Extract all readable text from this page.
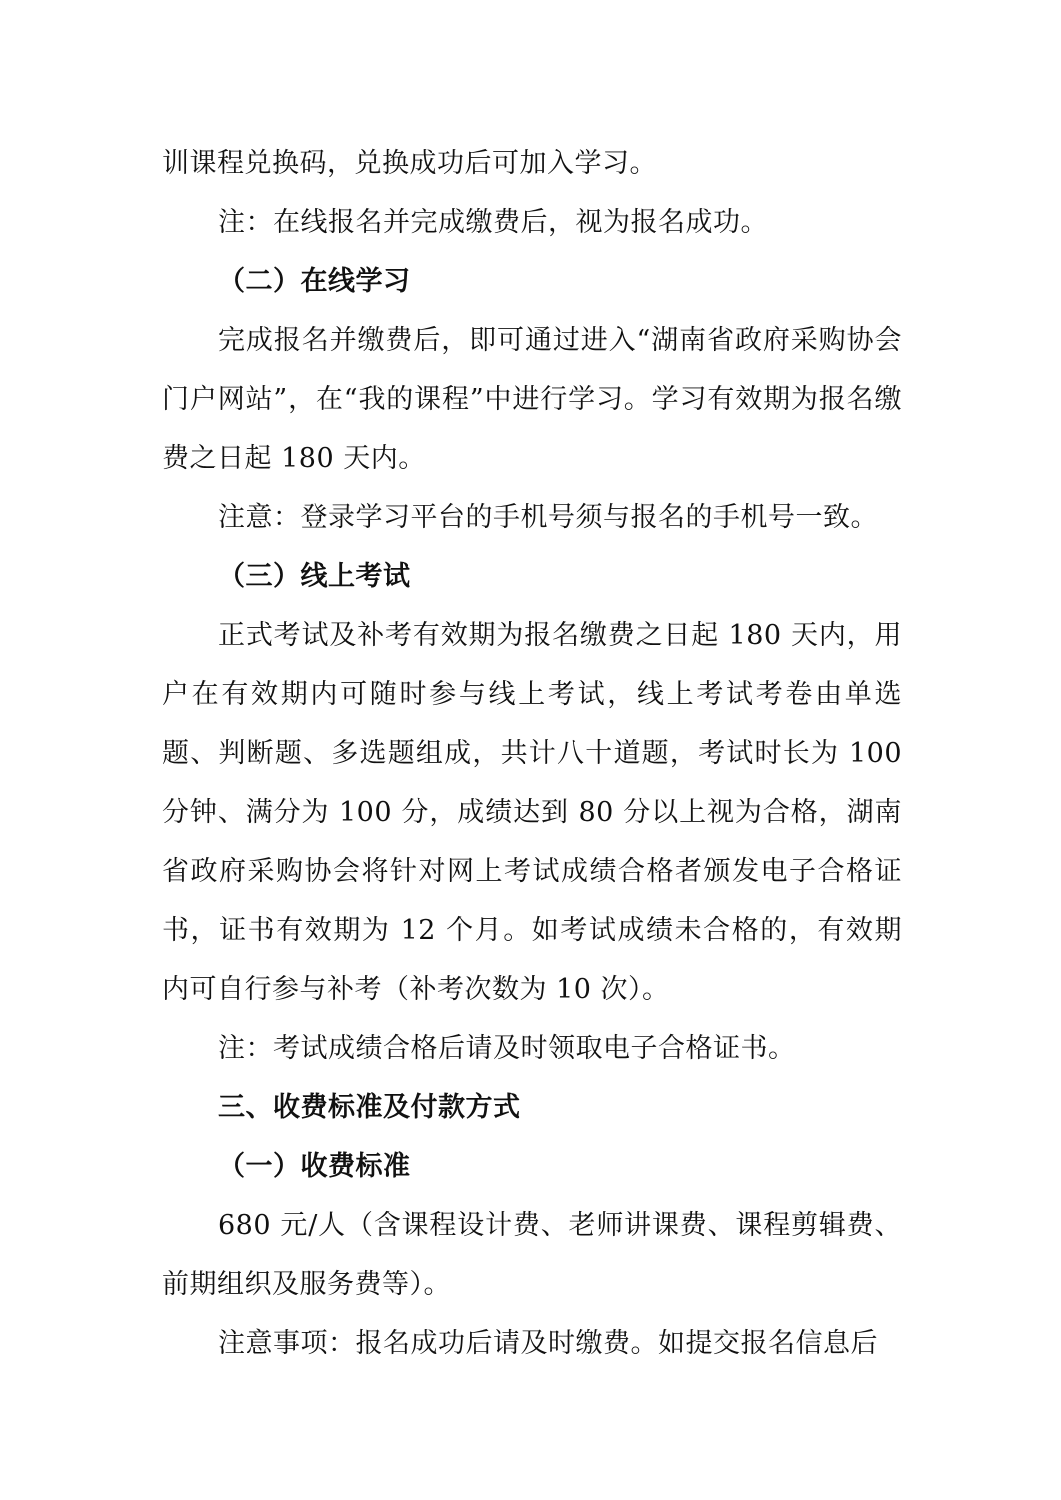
训课程兑换码，兑换成功后可加入学习。

注：在线报名并完成缴费后，视为报名成功。

（二）在线学习

完成报名并缴费后，即可通过进入“湖南省政府采购协会门户网站”，在“我的课程”中进行学习。学习有效期为报名缴费之日起 180 天内。

注意：登录学习平台的手机号须与报名的手机号一致。

（三）线上考试

正式考试及补考有效期为报名缴费之日起 180 天内，用户在有效期内可随时参与线上考试，线上考试考卷由单选题、判断题、多选题组成，共计八十道题，考试时长为 100 分钟、满分为 100 分，成绩达到 80 分以上视为合格，湖南省政府采购协会将针对网上考试成绩合格者颁发电子合格证书，证书有效期为 12 个月。如考试成绩未合格的，有效期内可自行参与补考（补考次数为 10 次）。

注：考试成绩合格后请及时领取电子合格证书。

三、收费标准及付款方式

（一）收费标准

680 元/人（含课程设计费、老师讲课费、课程剪辑费、前期组织及服务费等）。

注意事项：报名成功后请及时缴费。如提交报名信息后
